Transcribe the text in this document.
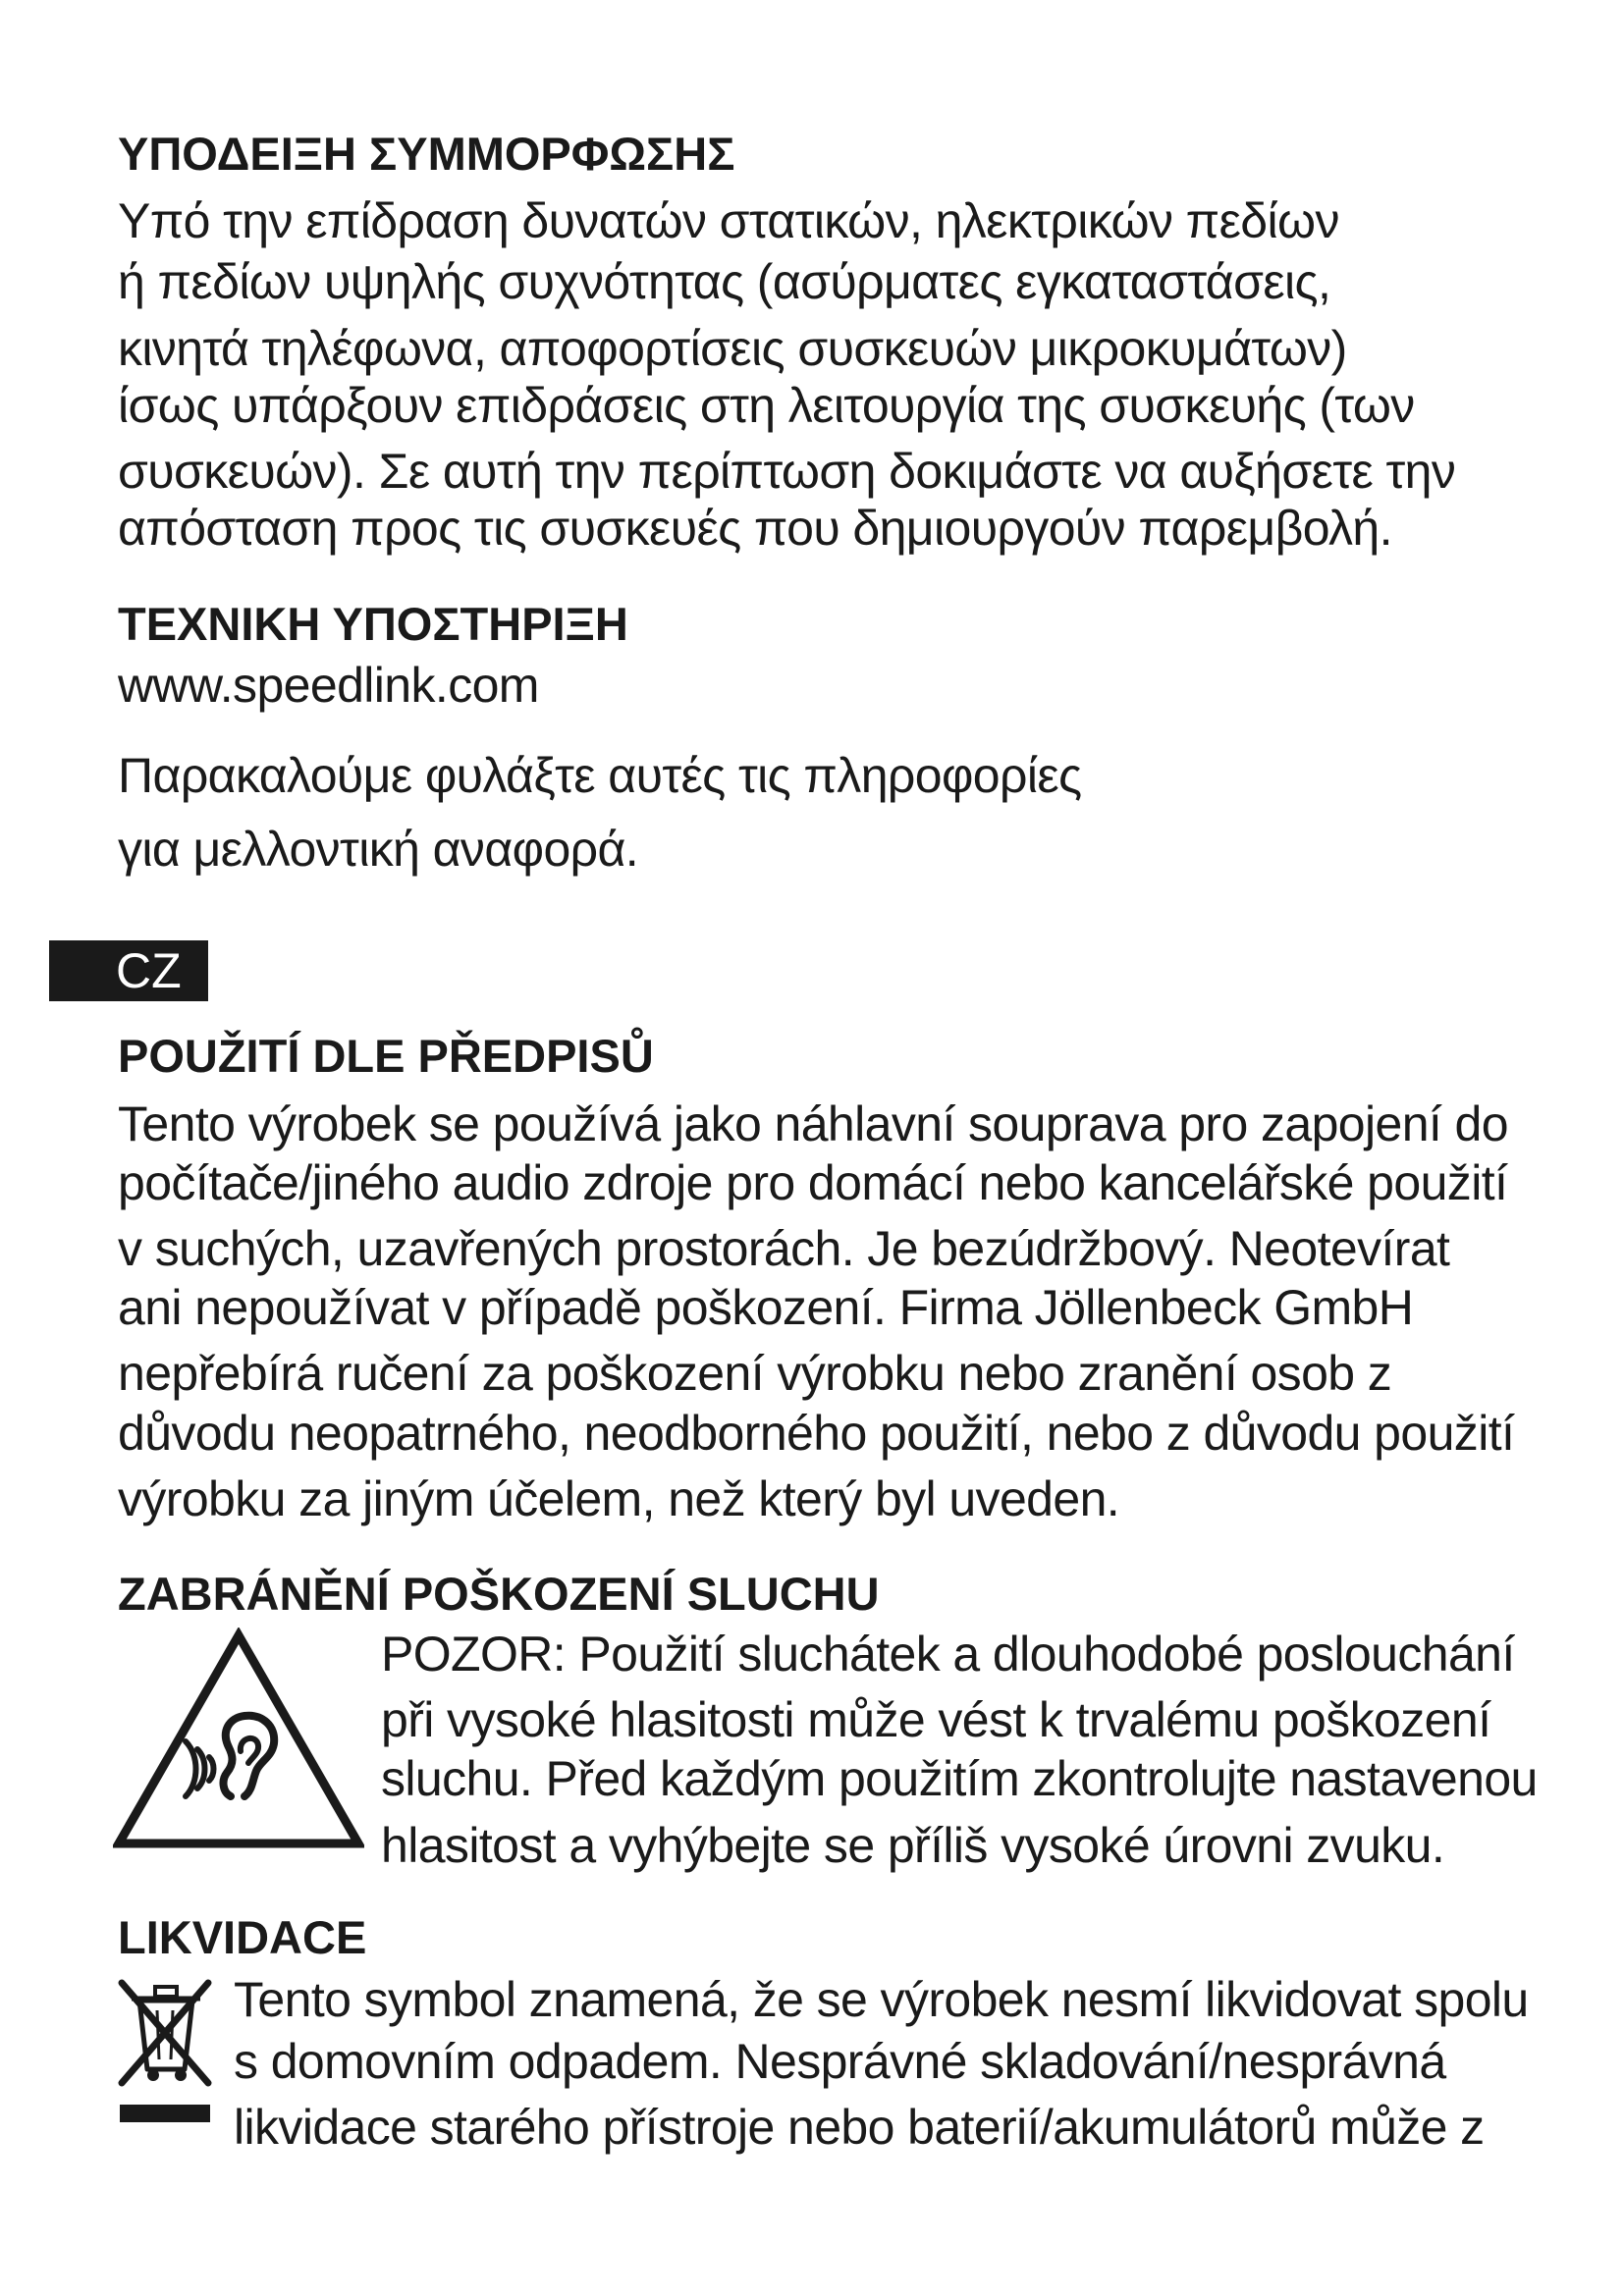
ΥΠΟΔΕΙΞΗ ΣΥΜΜΟΡΦΩΣΗΣ
Υπό την επίδραση δυνατών στατικών, ηλεκτρικών πεδίων
ή πεδίων υψηλής συχνότητας (ασύρματες εγκαταστάσεις,
κινητά τηλέφωνα, αποφορτίσεις συσκευών μικροκυμάτων)
ίσως υπάρξουν επιδράσεις στη λειτουργία της συσκευής (των
συσκευών). Σε αυτή την περίπτωση δοκιμάστε να αυξήσετε την
απόσταση προς τις συσκευές που δημιουργούν παρεμβολή.
ΤΕΧΝΙΚΗ ΥΠΟΣΤΗΡΙΞΗ
www.speedlink.com
Παρακαλούμε φυλάξτε αυτές τις πληροφορίες
για μελλοντική αναφορά.
POUŽITÍ DLE PŘEDPISŮ
Tento výrobek se používá jako náhlavní souprava pro zapojení do
počítače/jiného audio zdroje pro domácí nebo kancelářské použití
v suchých, uzavřených prostorách. Je bezúdržbový. Neotevírat
ani nepoužívat v případě poškození. Firma Jöllenbeck GmbH
nepřebírá ručení za poškození výrobku nebo zranění osob z
důvodu neopatrného, neodborného použití, nebo z důvodu použití
výrobku za jiným účelem, než který byl uveden.
ZABRÁNĚNÍ POŠKOZENÍ SLUCHU
POZOR: Použití sluchátek a dlouhodobé poslouchání
při vysoké hlasitosti může vést k trvalému poškození
sluchu. Před každým použitím zkontrolujte nastavenou
hlasitost a vyhýbejte se příliš vysoké úrovni zvuku.
LIKVIDACE
Tento symbol znamená, že se výrobek nesmí likvidovat spolu
s domovním odpadem. Nesprávné skladování/nesprávná
likvidace starého přístroje nebo baterií/akumulátorů může z
CZ
